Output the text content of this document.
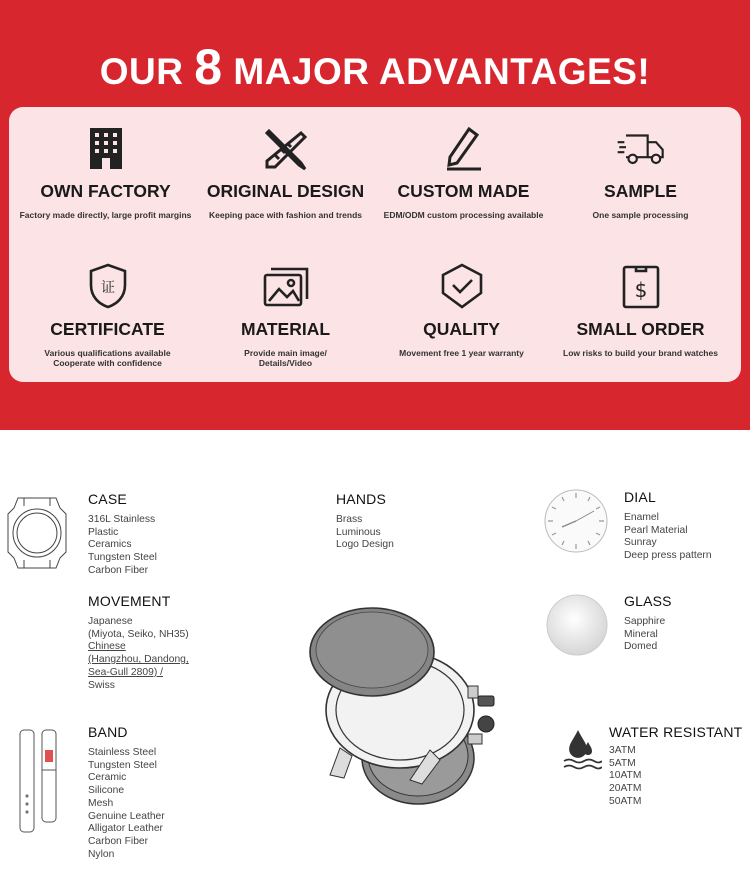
OUR 8 MAJOR ADVANTAGES!
OWN FACTORY
Factory made directly, large profit margins
ORIGINAL DESIGN
Keeping pace with fashion and trends
CUSTOM MADE
EDM/ODM custom processing available
SAMPLE
One sample processing
证
CERTIFICATE
Various qualifications available
Cooperate with confidence
MATERIAL
Provide main image/
Details/Video
QUALITY
Movement free 1 year warranty
$
SMALL ORDER
Low risks to build your brand watches
CASE
316L Stainless
Plastic
Ceramics
Tungsten Steel
Carbon Fiber
MOVEMENT
Japanese
(Miyota, Seiko, NH35)
Chinese
(Hangzhou, Dandong,
Sea-Gull 2809) /
Swiss
BAND
Stainless Steel
Tungsten Steel
Ceramic
Silicone
Mesh
Genuine Leather
Alligator Leather
Carbon Fiber
Nylon
HANDS
Brass
Luminous
Logo Design
DIAL
Enamel
Pearl Material
Sunray
Deep press pattern
GLASS
Sapphire
Mineral
Domed
WATER RESISTANT
3ATM
5ATM
10ATM
20ATM
50ATM
